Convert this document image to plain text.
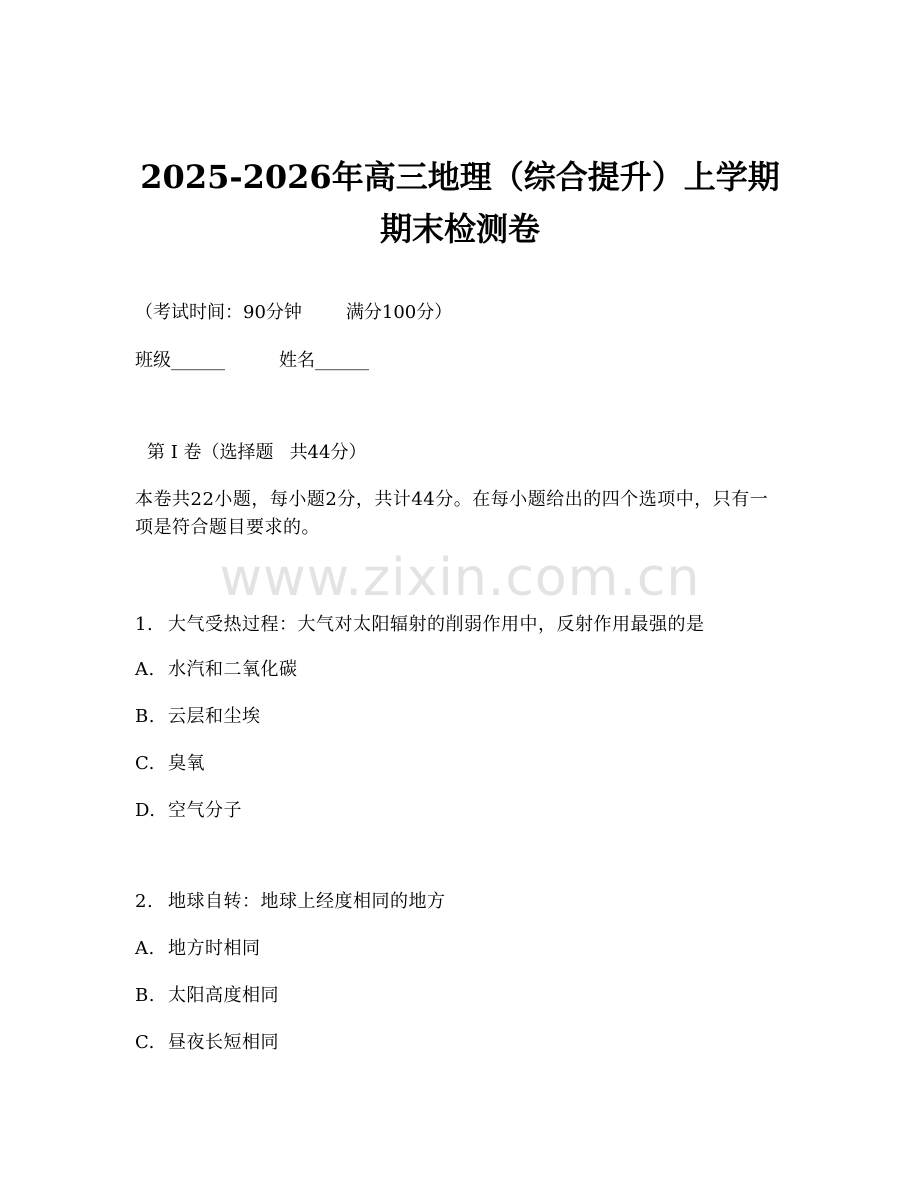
2025-2026年高三地理（综合提升）上学期
期末检测卷
（考试时间：90分钟 满分100分）
班级______	姓名______
第 I 卷（选择题 共44分）
本卷共22小题，每小题2分，共计44分。在每小题给出的四个选项中，只有一项是符合题目要求的。
www.zixin.com.cn
1. 大气受热过程：大气对太阳辐射的削弱作用中，反射作用最强的是
A. 水汽和二氧化碳
B. 云层和尘埃
C. 臭氧
D. 空气分子
2. 地球自转：地球上经度相同的地方
A. 地方时相同
B. 太阳高度相同
C. 昼夜长短相同
